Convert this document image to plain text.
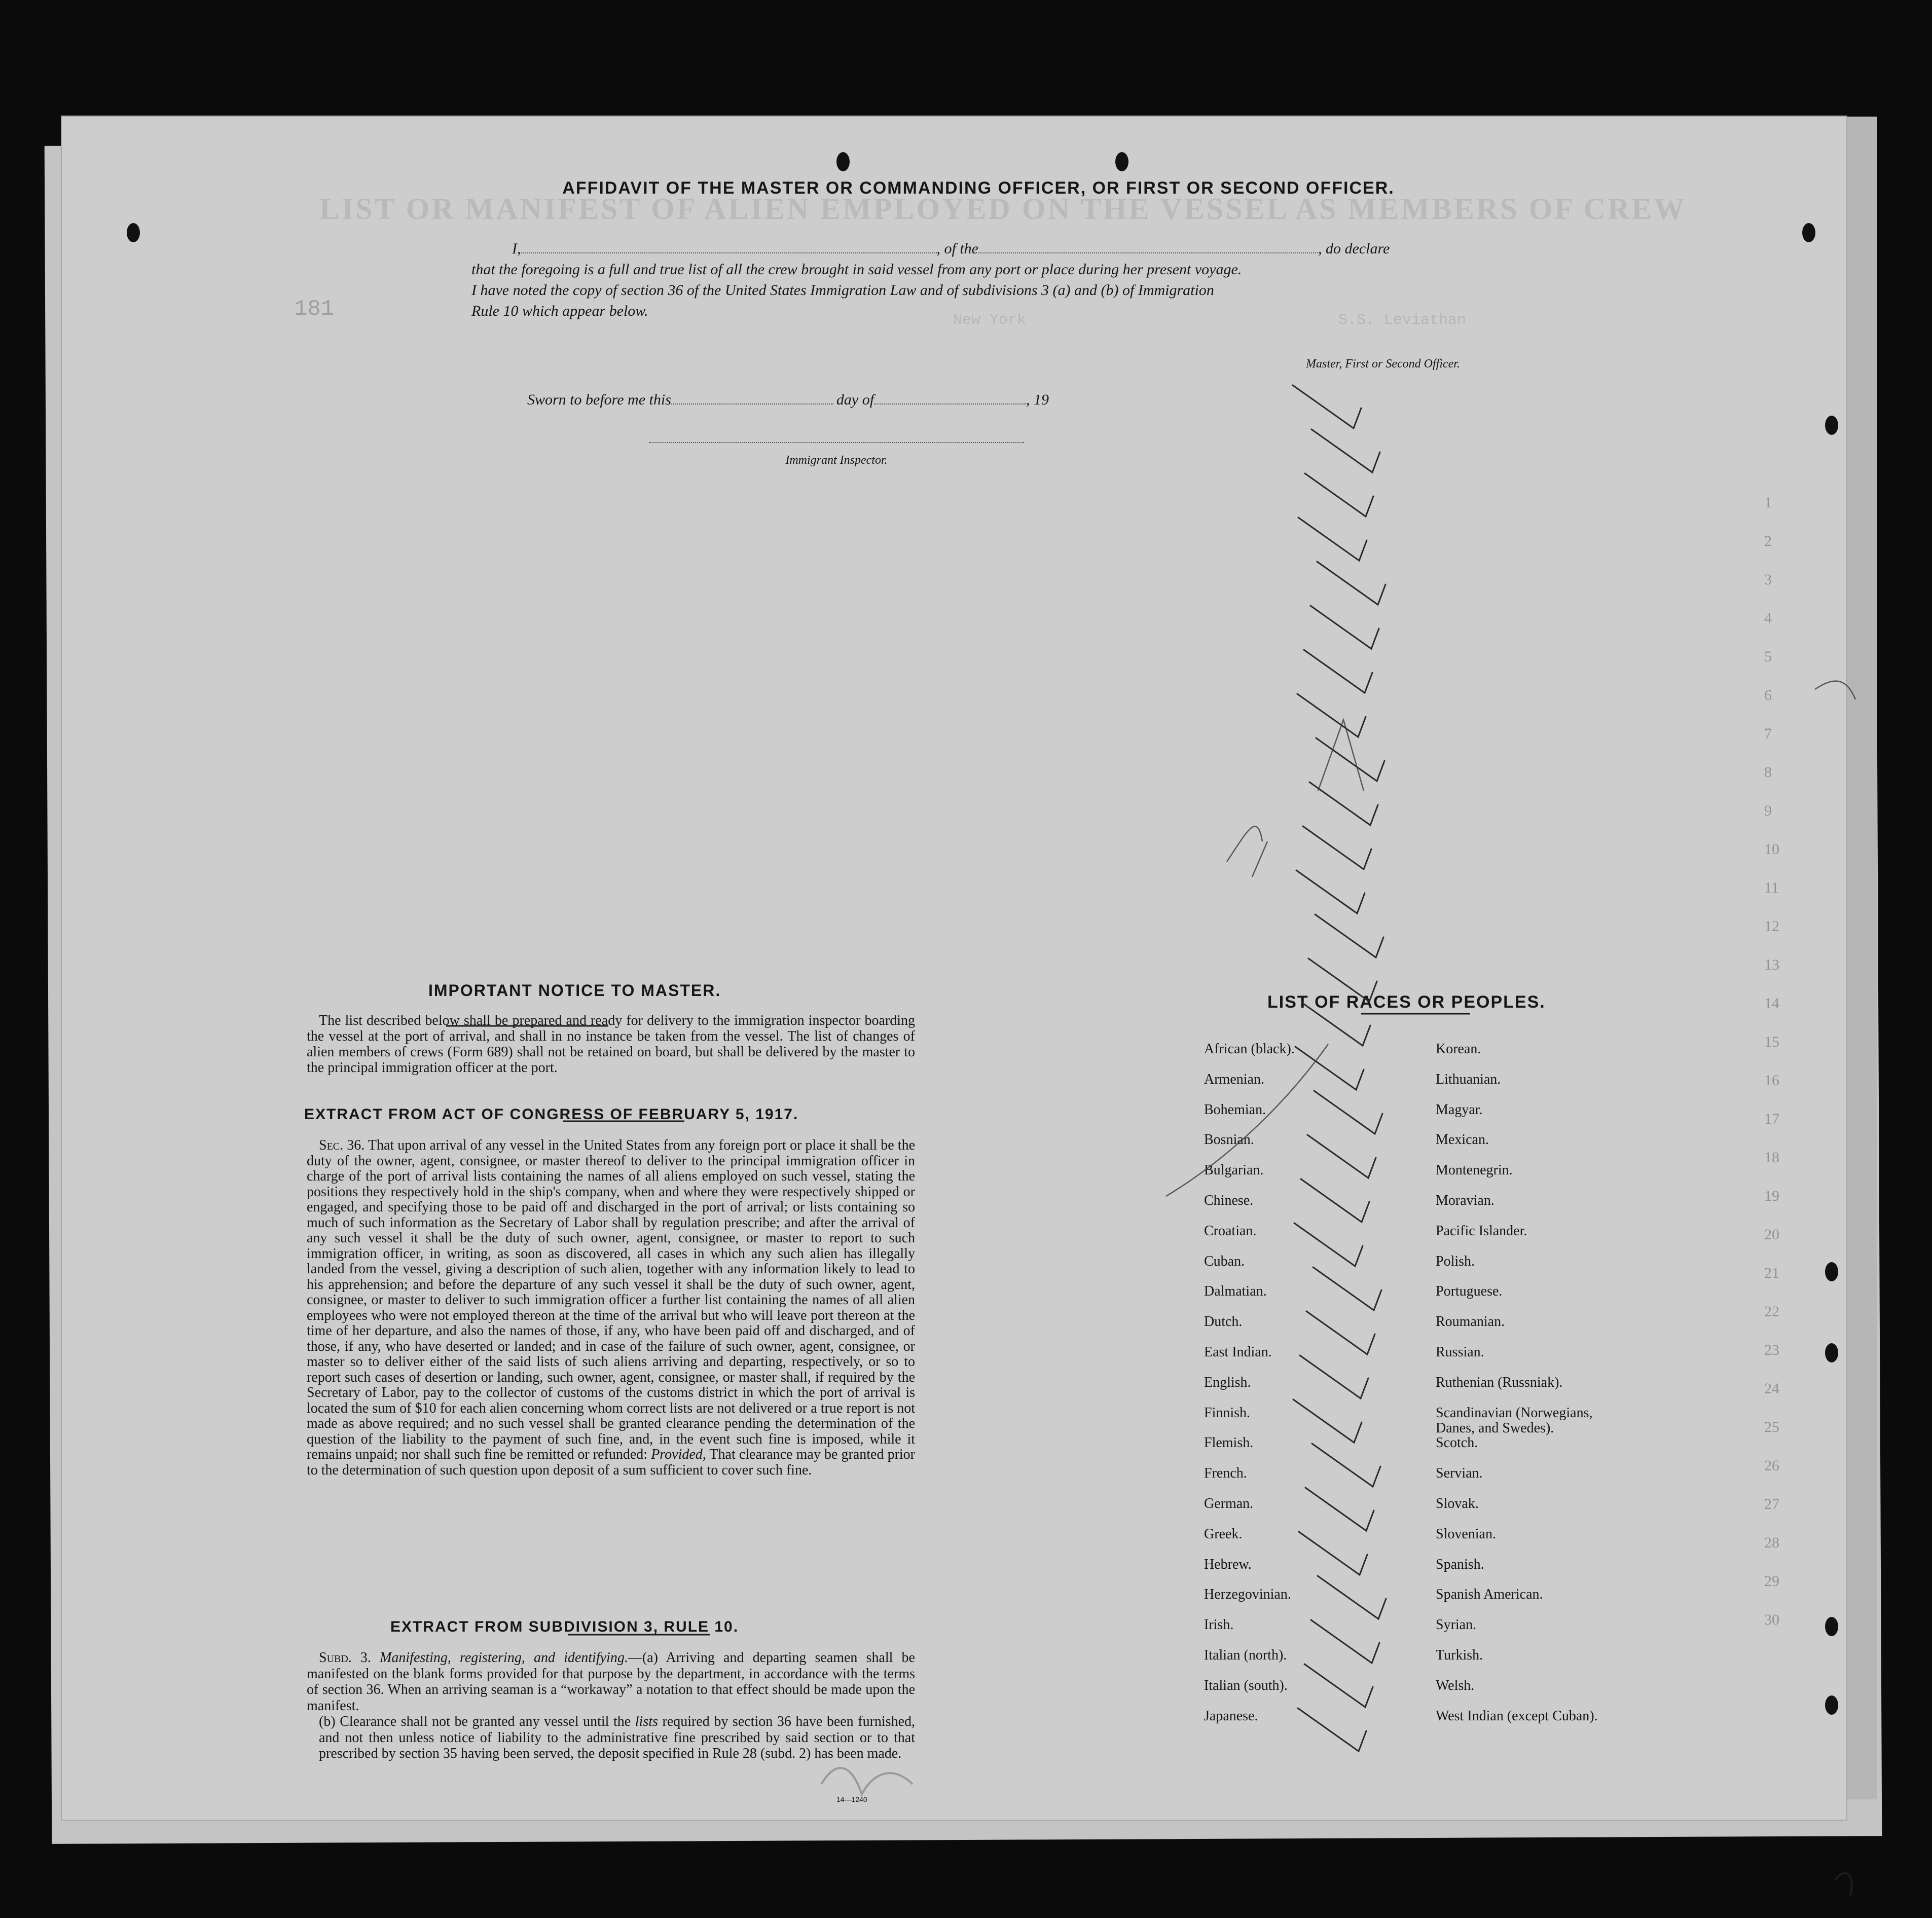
LIST OR MANIFEST OF ALIEN EMPLOYED ON THE VESSEL AS MEMBERS OF CREW
181	New York	S.S. Leviathan
1
2
3
4
5
6
7
8
9
10
11
12
13
14
15
16
17
18
19
20
21
22
23
24
25
26
27
28
29
30
AFFIDAVIT OF THE MASTER OR COMMANDING OFFICER, OR FIRST OR SECOND OFFICER.
I,	, of the	, do declare
that the foregoing is a full and true list of all the crew brought in said vessel from any port or place during her present voyage.
I have noted the copy of section 36 of the United States Immigration Law and of subdivisions 3 (a) and (b) of Immigration
Rule 10 which appear below.
Master, First or Second Officer.
Sworn to before me this	day of	, 19
Immigrant Inspector.
IMPORTANT NOTICE TO MASTER.

The list described below shall be prepared and ready for delivery to the immigration inspector boarding the vessel at the port of arrival, and shall in no instance be taken from the vessel. The list of changes of alien members of crews (Form 689) shall not be retained on board, but shall be delivered by the master to the principal immigration officer at the port.

EXTRACT FROM ACT OF CONGRESS OF FEBRUARY 5, 1917.

Sec. 36. That upon arrival of any vessel in the United States from any foreign port or place it shall be the duty of the owner, agent, consignee, or master thereof to deliver to the principal immigration officer in charge of the port of arrival lists containing the names of all aliens employed on such vessel, stating the positions they respectively hold in the ship's company, when and where they were respectively shipped or engaged, and specifying those to be paid off and discharged in the port of arrival; or lists containing so much of such information as the Secretary of Labor shall by regulation prescribe; and after the arrival of any such vessel it shall be the duty of such owner, agent, consignee, or master to report to such immigration officer, in writing, as soon as discovered, all cases in which any such alien has illegally landed from the vessel, giving a description of such alien, together with any information likely to lead to his apprehension; and before the departure of any such vessel it shall be the duty of such owner, agent, consignee, or master to deliver to such immigration officer a further list containing the names of all alien employees who were not employed thereon at the time of the arrival but who will leave port thereon at the time of her departure, and also the names of those, if any, who have been paid off and discharged, and of those, if any, who have deserted or landed; and in case of the failure of such owner, agent, consignee, or master so to deliver either of the said lists of such aliens arriving and departing, respectively, or so to report such cases of desertion or landing, such owner, agent, consignee, or master shall, if required by the Secretary of Labor, pay to the collector of customs of the customs district in which the port of arrival is located the sum of $10 for each alien concerning whom correct lists are not delivered or a true report is not made as above required; and no such vessel shall be granted clearance pending the determination of the question of the liability to the payment of such fine, and, in the event such fine is imposed, while it remains unpaid; nor shall such fine be remitted or refunded: Provided, That clearance may be granted prior to the determination of such question upon deposit of a sum sufficient to cover such fine.

EXTRACT FROM SUBDIVISION 3, RULE 10.

Subd. 3. Manifesting, registering, and identifying.—(a) Arriving and departing seamen shall be manifested on the blank forms provided for that purpose by the department, in accordance with the terms of section 36. When an arriving seaman is a “workaway” a notation to that effect should be made upon the manifest.

(b) Clearance shall not be granted any vessel until the lists required by section 36 have been furnished, and not then unless notice of liability to the administrative fine prescribed by said section or to that prescribed by section 35 having been served, the deposit specified in Rule 28 (subd. 2) has been made.

14—1240
LIST OF RACES OR PEOPLES.
African (black).
Armenian.
Bohemian.
Bosnian.
Bulgarian.
Chinese.
Croatian.
Cuban.
Dalmatian.
Dutch.
East Indian.
English.
Finnish.
Flemish.
French.
German.
Greek.
Hebrew.
Herzegovinian.
Irish.
Italian (north).
Italian (south).
Japanese.
Korean.
Lithuanian.
Magyar.
Mexican.
Montenegrin.
Moravian.
Pacific Islander.
Polish.
Portuguese.
Roumanian.
Russian.
Ruthenian (Russniak).
Scandinavian (Norwegians,
Danes, and Swedes).
Scotch.
Servian.
Slovak.
Slovenian.
Spanish.
Spanish American.
Syrian.
Turkish.
Welsh.
West Indian (except Cuban).
